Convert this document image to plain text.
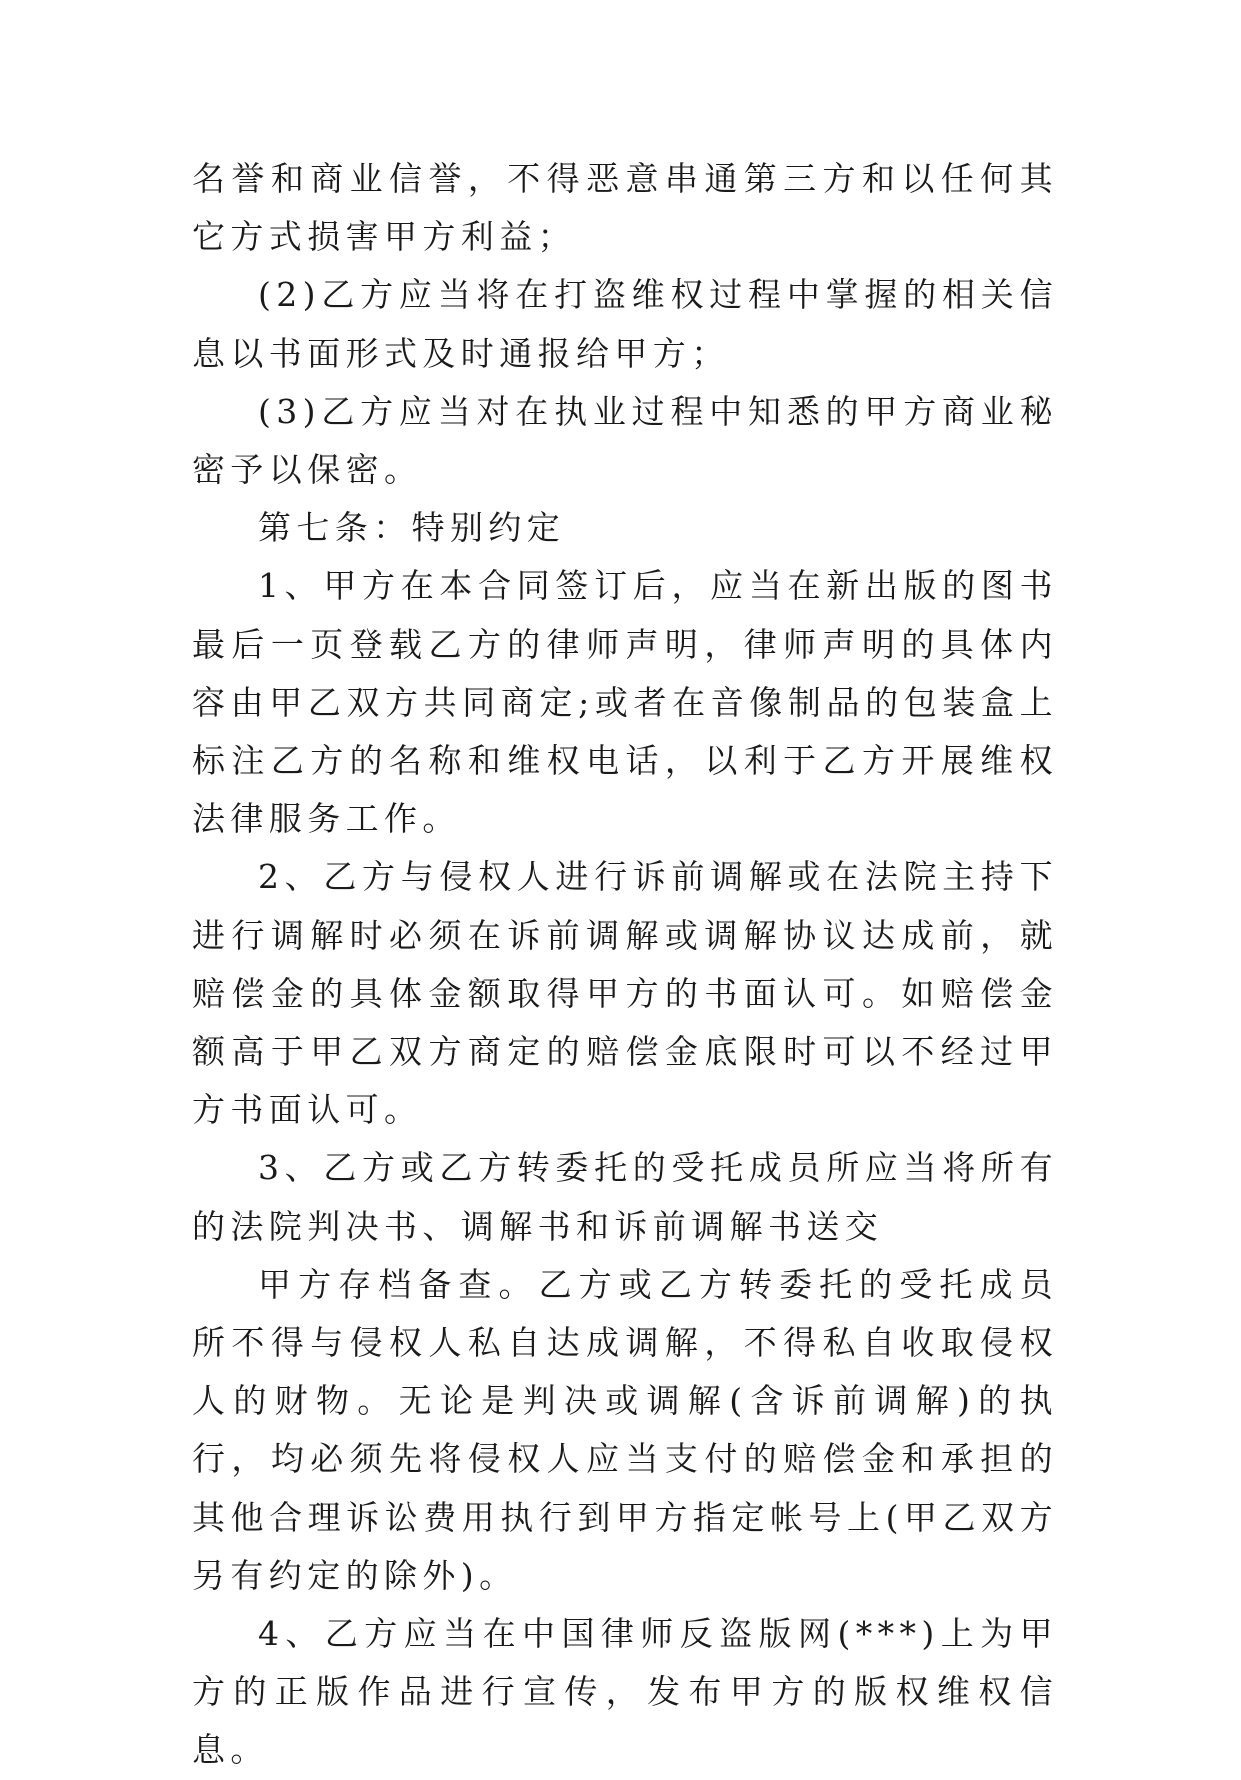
名誉和商业信誉，不得恶意串通第三方和以任何其它方式损害甲方利益；

(2)乙方应当将在打盗维权过程中掌握的相关信息以书面形式及时通报给甲方；

(3)乙方应当对在执业过程中知悉的甲方商业秘密予以保密。

第七条：特别约定

1、甲方在本合同签订后，应当在新出版的图书最后一页登载乙方的律师声明，律师声明的具体内容由甲乙双方共同商定;或者在音像制品的包装盒上标注乙方的名称和维权电话，以利于乙方开展维权法律服务工作。

2、乙方与侵权人进行诉前调解或在法院主持下进行调解时必须在诉前调解或调解协议达成前，就赔偿金的具体金额取得甲方的书面认可。如赔偿金额高于甲乙双方商定的赔偿金底限时可以不经过甲方书面认可。

3、乙方或乙方转委托的受托成员所应当将所有的法院判决书、调解书和诉前调解书送交

甲方存档备查。乙方或乙方转委托的受托成员所不得与侵权人私自达成调解，不得私自收取侵权人的财物。无论是判决或调解(含诉前调解)的执行，均必须先将侵权人应当支付的赔偿金和承担的其他合理诉讼费用执行到甲方指定帐号上(甲乙双方另有约定的除外)。

4、乙方应当在中国律师反盗版网(***)上为甲方的正版作品进行宣传，发布甲方的版权维权信息。
